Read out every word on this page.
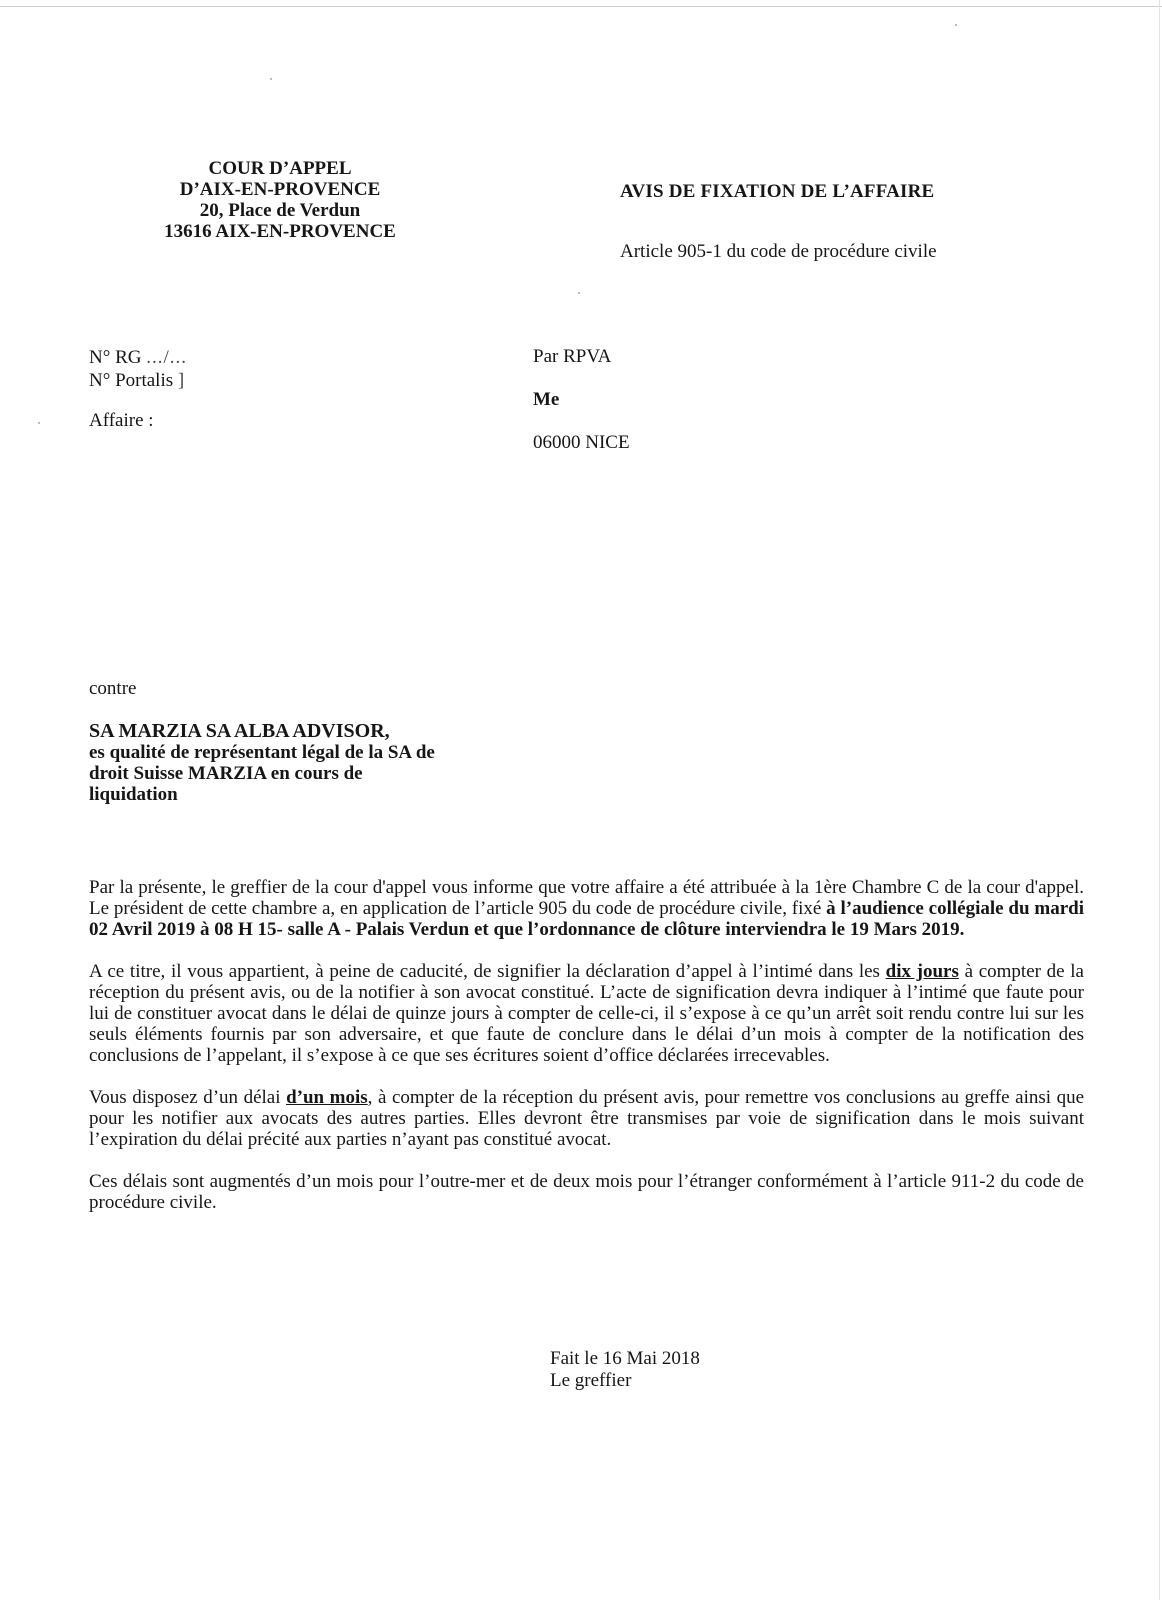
COUR D’APPEL
D’AIX-EN-PROVENCE
20, Place de Verdun
13616 AIX-EN-PROVENCE
AVIS DE FIXATION DE L’AFFAIRE
Article 905-1 du code de procédure civile
N° RG .../...
N° Portalis ]
Affaire :
Par RPVA
Me
06000 NICE
contre
SA MARZIA SA ALBA ADVISOR,
es qualité de représentant légal de la SA de
droit Suisse MARZIA en cours de
liquidation

Par la présente, le greffier de la cour d'appel vous informe que votre affaire a été attribuée à la 1ère Chambre C de la cour d'appel. Le président de cette chambre a, en application de l’article 905 du code de procédure civile, fixé à l’audience collégiale du mardi 02 Avril 2019 à 08 H 15- salle A - Palais Verdun et que l’ordonnance de clôture interviendra le 19 Mars 2019.

A ce titre, il vous appartient, à peine de caducité, de signifier la déclaration d’appel à l’intimé dans les dix jours à compter de la réception du présent avis, ou de la notifier à son avocat constitué. L’acte de signification devra indiquer à l’intimé que faute pour lui de constituer avocat dans le délai de quinze jours à compter de celle-ci, il s’expose à ce qu’un arrêt soit rendu contre lui sur les seuls éléments fournis par son adversaire, et que faute de conclure dans le délai d’un mois à compter de la notification des conclusions de l’appelant, il s’expose à ce que ses écritures soient d’office déclarées irrecevables.

Vous disposez d’un délai d’un mois, à compter de la réception du présent avis, pour remettre vos conclusions au greffe ainsi que pour les notifier aux avocats des autres parties. Elles devront être transmises par voie de signification dans le mois suivant l’expiration du délai précité aux parties n’ayant pas constitué avocat.

Ces délais sont augmentés d’un mois pour l’outre-mer et de deux mois pour l’étranger conformément à l’article 911-2 du code de procédure civile.

Fait le 16 Mai 2018
Le greffier
